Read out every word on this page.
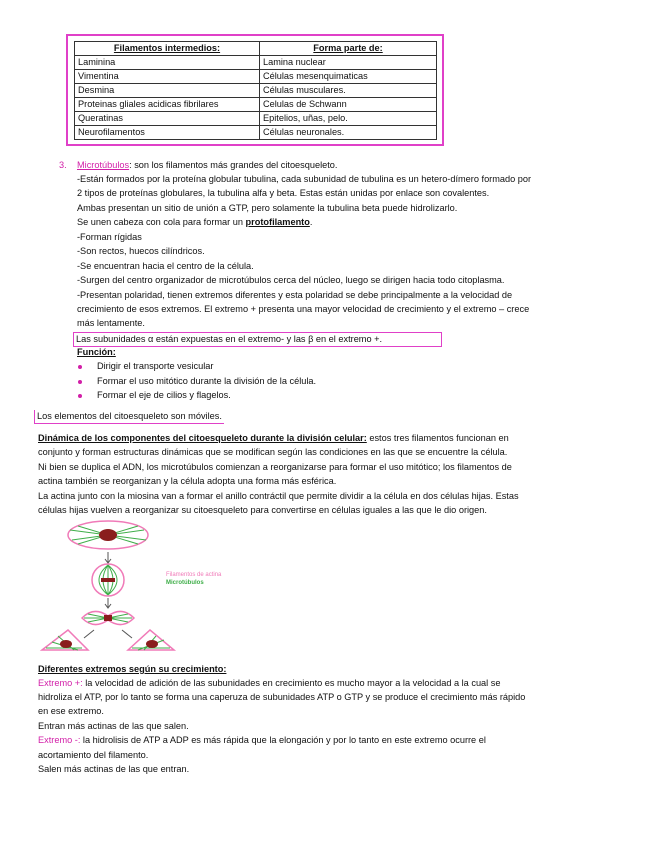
Filamentos intermedios:	Forma parte de:
Laminina	Lamina nuclear
Vimentina	Células mesenquimaticas
Desmina	Células musculares.
Proteinas gliales acidicas fibrilares	Celulas de Schwann
Queratinas	Epitelios, uñas, pelo.
Neurofilamentos	Células neuronales.
3. Microtúbulos: son los filamentos más grandes del citoesqueleto.
-Están formados por la proteína globular tubulina, cada subunidad de tubulina es un hetero-dímero formado por
2 tipos de proteínas globulares, la tubulina alfa y beta. Estas están unidas por enlace son covalentes.
Ambas presentan un sitio de unión a GTP, pero solamente la tubulina beta puede hidrolizarlo.
Se unen cabeza con cola para formar un protofilamento.
-Forman rígidas
-Son rectos, huecos cilíndricos.
-Se encuentran hacia el centro de la célula.
-Surgen del centro organizador de microtúbulos cerca del núcleo, luego se dirigen hacia todo citoplasma.
-Presentan polaridad, tienen extremos diferentes y esta polaridad se debe principalmente a la velocidad de
crecimiento de esos extremos. El extremo + presenta una mayor velocidad de crecimiento y el extremo – crece
más lentamente.
Las subunidades α están expuestas en el extremo- y las β en el extremo +.
Función:
Dirigir el transporte vesicular
Formar el uso mitótico durante la división de la célula.
Formar el eje de cilios y flagelos.
Los elementos del citoesqueleto son móviles.
Dinámica de los componentes del citoesqueleto durante la división celular: estos tres filamentos funcionan en
conjunto y forman estructuras dinámicas que se modifican según las condiciones en las que se encuentre la célula.
Ni bien se duplica el ADN, los microtúbulos comienzan a reorganizarse para formar el uso mitótico; los filamentos de
actina también se reorganizan y la célula adopta una forma más esférica.
La actina junto con la miosina van a formar el anillo contráctil que permite dividir a la célula en dos células hijas. Estas
células hijas vuelven a reorganizar su citoesqueleto para convertirse en células iguales a las que le dio origen.
Filamentos de actina
Microtúbulos
Diferentes extremos según su crecimiento:
Extremo +: la velocidad de adición de las subunidades en crecimiento es mucho mayor a la velocidad a la cual se
hidroliza el ATP, por lo tanto se forma una caperuza de subunidades ATP o GTP y se produce el crecimiento más rápido
en ese extremo.
Entran más actinas de las que salen.
Extremo -: la hidrolisis de ATP a ADP es más rápida que la elongación y por lo tanto en este extremo ocurre el
acortamiento del filamento.
Salen más actinas de las que entran.
